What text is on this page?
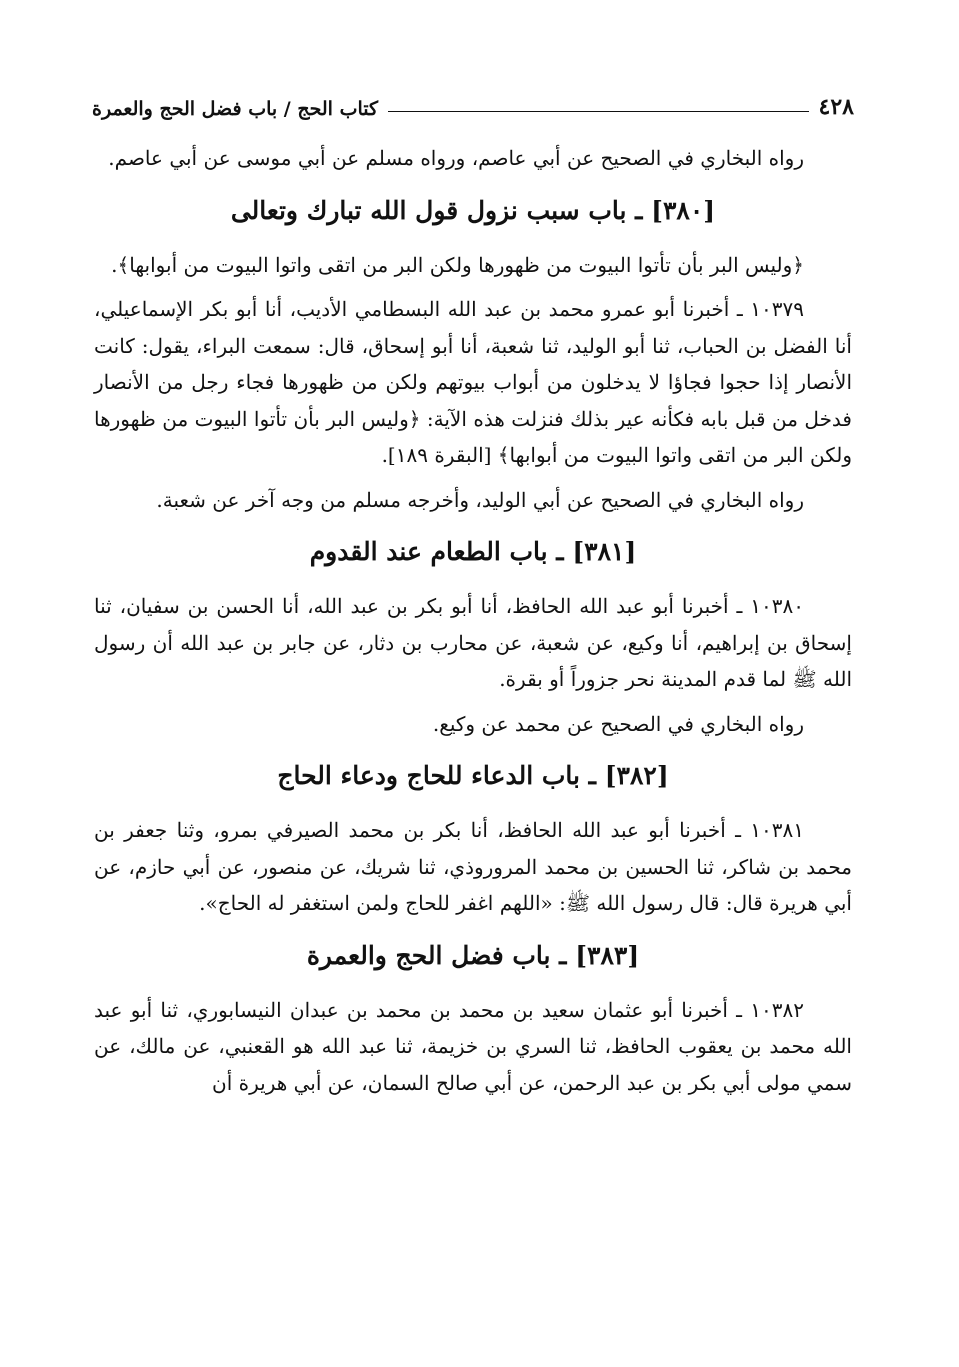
٤٢٨
كتاب الحج / باب فضل الحج والعمرة

رواه البخاري في الصحيح عن أبي عاصم، ورواه مسلم عن أبي موسى عن أبي عاصم.

[٣٨٠] ـ باب سبب نزول قول الله تبارك وتعالى

﴿وليس البر بأن تأتوا البيوت من ظهورها ولكن البر من اتقى واتوا البيوت من أبوابها﴾.

١٠٣٧٩ ـ أخبرنا أبو عمرو محمد بن عبد الله البسطامي الأديب، أنا أبو بكر الإسماعيلي، أنا الفضل بن الحباب، ثنا أبو الوليد، ثنا شعبة، أنا أبو إسحاق، قال: سمعت البراء، يقول: كانت الأنصار إذا حجوا فجاؤا لا يدخلون من أبواب بيوتهم ولكن من ظهورها فجاء رجل من الأنصار فدخل من قبل بابه فكأنه عير بذلك فنزلت هذه الآية: ﴿وليس البر بأن تأتوا البيوت من ظهورها ولكن البر من اتقى واتوا البيوت من أبوابها﴾ [البقرة ١٨٩].

رواه البخاري في الصحيح عن أبي الوليد، وأخرجه مسلم من وجه آخر عن شعبة.

[٣٨١] ـ باب الطعام عند القدوم

١٠٣٨٠ ـ أخبرنا أبو عبد الله الحافظ، أنا أبو بكر بن عبد الله، أنا الحسن بن سفيان، ثنا إسحاق بن إبراهيم، أنا وكيع، عن شعبة، عن محارب بن دثار، عن جابر بن عبد الله أن رسول الله ﷺ لما قدم المدينة نحر جزوراً أو بقرة.

رواه البخاري في الصحيح عن محمد عن وكيع.

[٣٨٢] ـ باب الدعاء للحاج ودعاء الحاج

١٠٣٨١ ـ أخبرنا أبو عبد الله الحافظ، أنا بكر بن محمد الصيرفي بمرو، وثنا جعفر بن محمد بن شاكر، ثنا الحسين بن محمد المروروذي، ثنا شريك، عن منصور، عن أبي حازم، عن أبي هريرة قال: قال رسول الله ﷺ: «اللهم اغفر للحاج ولمن استغفر له الحاج».

[٣٨٣] ـ باب فضل الحج والعمرة

١٠٣٨٢ ـ أخبرنا أبو عثمان سعيد بن محمد بن محمد بن عبدان النيسابوري، ثنا أبو عبد الله محمد بن يعقوب الحافظ، ثنا السري بن خزيمة، ثنا عبد الله هو القعنبي، عن مالك، عن سمي مولى أبي بكر بن عبد الرحمن، عن أبي صالح السمان، عن أبي هريرة أن
